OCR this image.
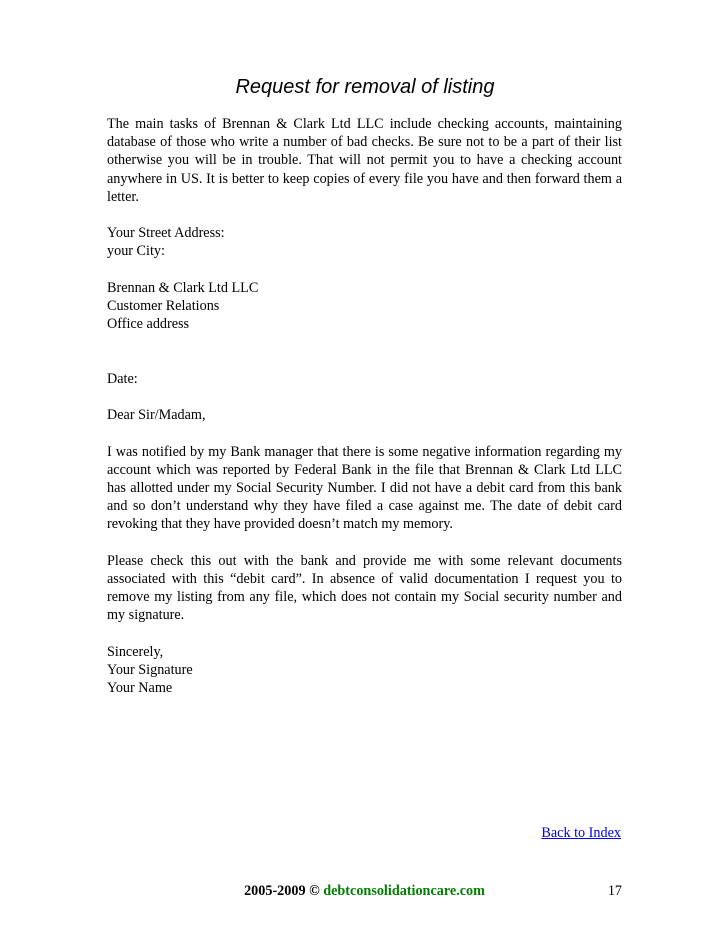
Request for removal of listing

The main tasks of Brennan & Clark Ltd LLC include checking accounts, maintaining database of those who write a number of bad checks. Be sure not to be a part of their list otherwise you will be in trouble. That will not permit you to have a checking account anywhere in US. It is better to keep copies of every file you have and then forward them a letter.

Your Street Address:
your City:
Brennan & Clark Ltd LLC
Customer Relations
Office address

Date:

Dear Sir/Madam,

I was notified by my Bank manager that there is some negative information regarding my account which was reported by Federal Bank in the file that Brennan & Clark Ltd LLC has allotted under my Social Security Number. I did not have a debit card from this bank and so don’t understand why they have filed a case against me. The date of debit card revoking that they have provided doesn’t match my memory.

Please check this out with the bank and provide me with some relevant documents associated with this “debit card”. In absence of valid documentation I request you to remove my listing from any file, which does not contain my Social security number and my signature.

Sincerely,
Your Signature
Your Name
Back to Index
2005-2009 © debtconsolidationcare.com	17
